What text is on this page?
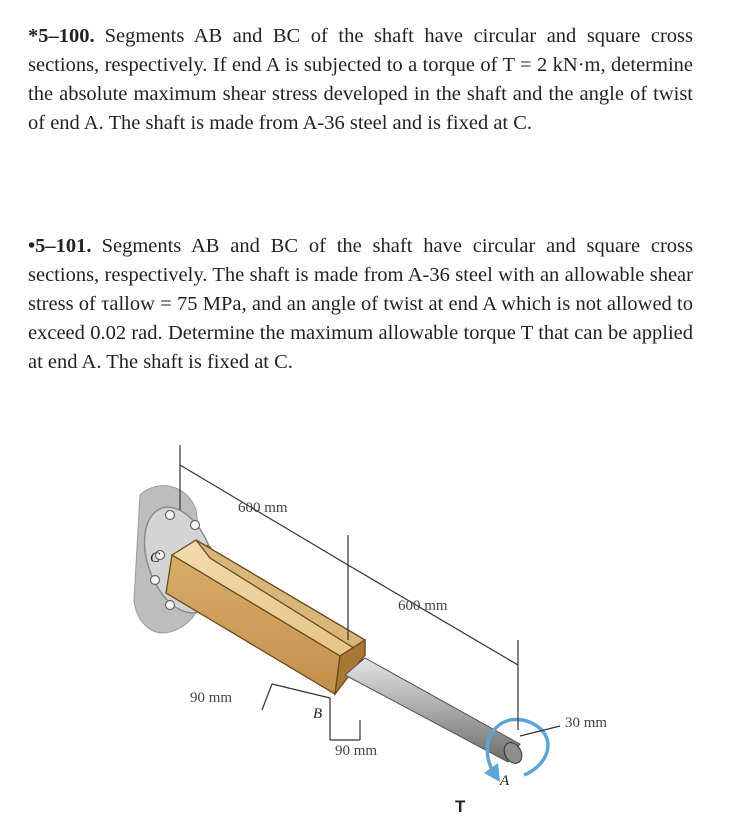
*5–100. Segments AB and BC of the shaft have circular and square cross sections, respectively. If end A is subjected to a torque of T = 2 kN·m, determine the absolute maximum shear stress developed in the shaft and the angle of twist of end A. The shaft is made from A-36 steel and is fixed at C.
•5–101. Segments AB and BC of the shaft have circular and square cross sections, respectively. The shaft is made from A-36 steel with an allowable shear stress of τallow = 75 MPa, and an angle of twist at end A which is not allowed to exceed 0.02 rad. Determine the maximum allowable torque T that can be applied at end A. The shaft is fixed at C.
600 mm
600 mm
90 mm
90 mm
30 mm
C
B
A
T
